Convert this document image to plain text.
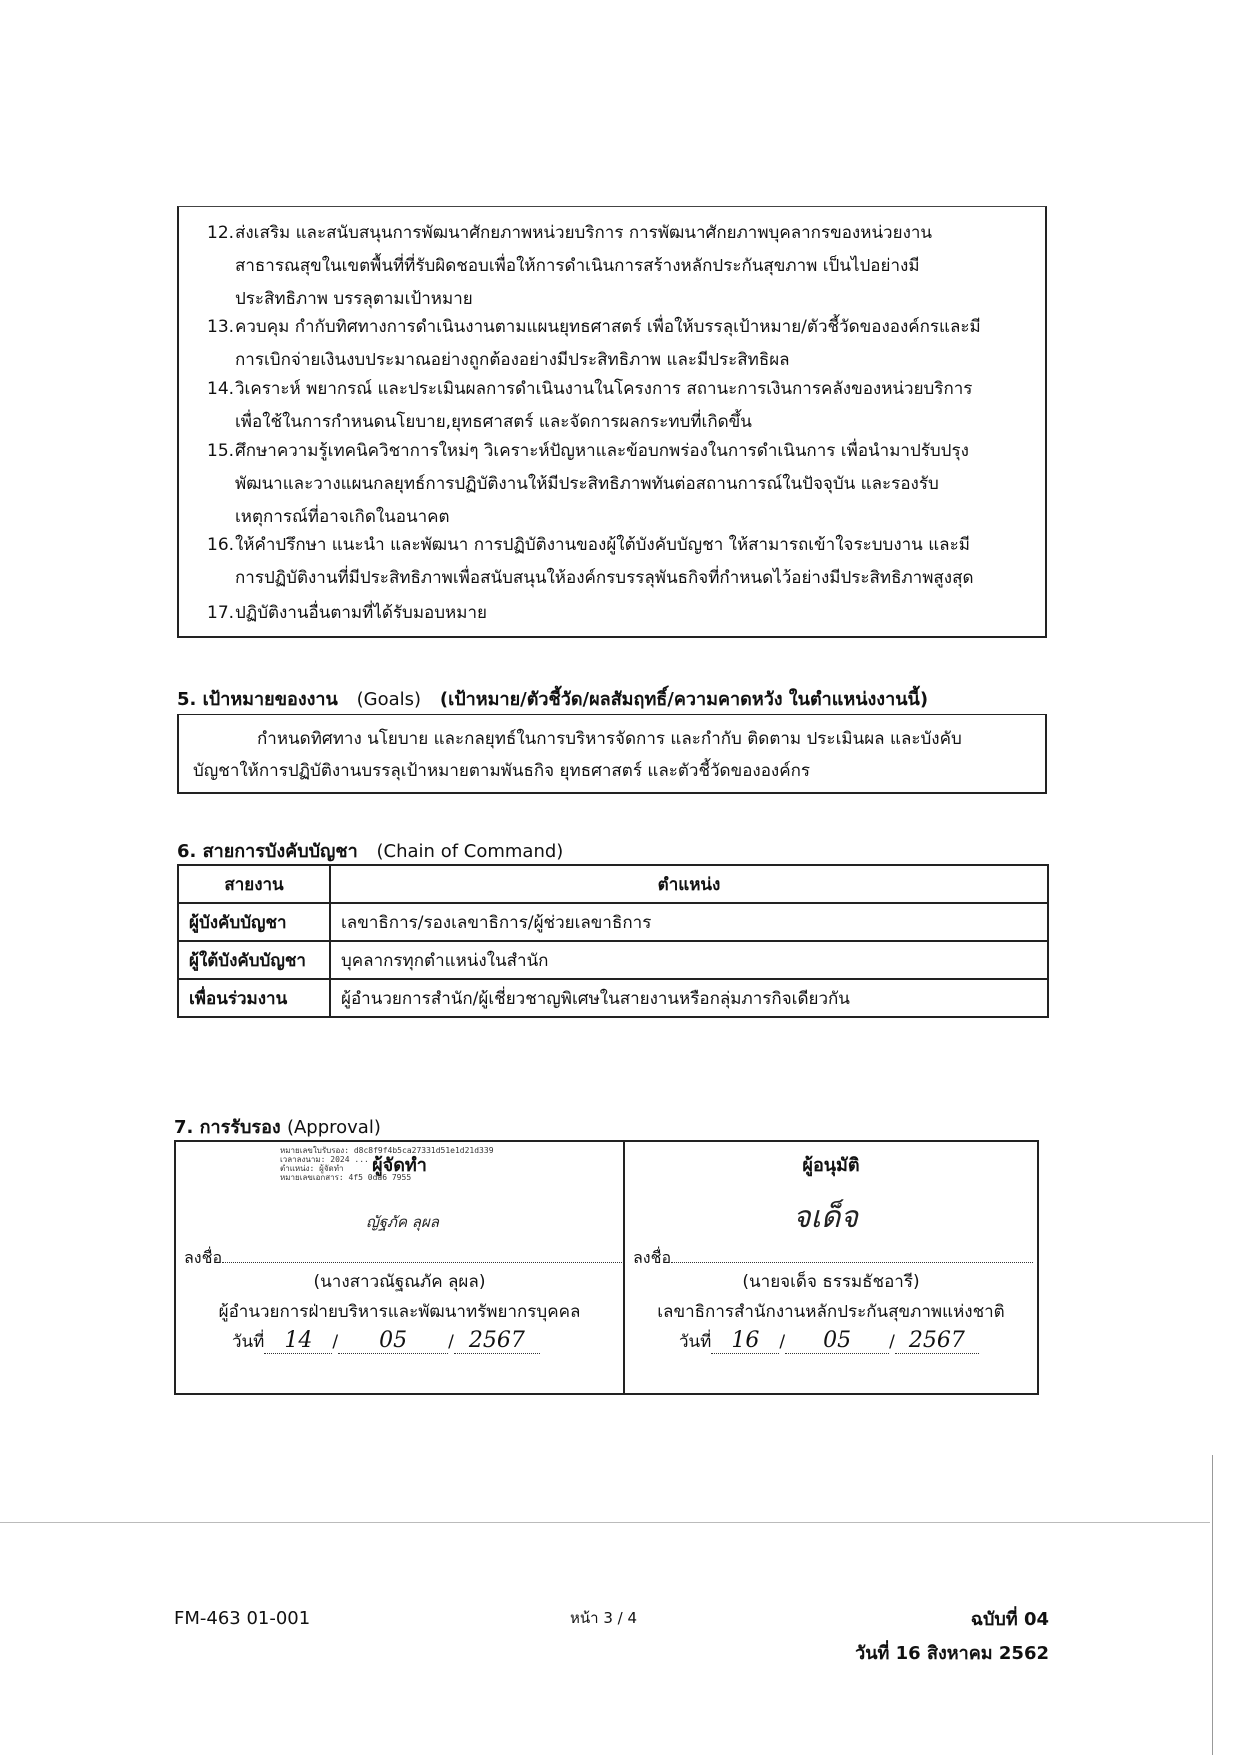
12.ส่งเสริม และสนับสนุนการพัฒนาศักยภาพหน่วยบริการ การพัฒนาศักยภาพบุคลากรของหน่วยงาน
สาธารณสุขในเขตพื้นที่ที่รับผิดชอบเพื่อให้การดำเนินการสร้างหลักประกันสุขภาพ เป็นไปอย่างมี
ประสิทธิภาพ บรรลุตามเป้าหมาย
13.ควบคุม กำกับทิศทางการดำเนินงานตามแผนยุทธศาสตร์ เพื่อให้บรรลุเป้าหมาย/ตัวชี้วัดขององค์กรและมี
การเบิกจ่ายเงินงบประมาณอย่างถูกต้องอย่างมีประสิทธิภาพ และมีประสิทธิผล
14.วิเคราะห์ พยากรณ์ และประเมินผลการดำเนินงานในโครงการ สถานะการเงินการคลังของหน่วยบริการ
เพื่อใช้ในการกำหนดนโยบาย,ยุทธศาสตร์ และจัดการผลกระทบที่เกิดขึ้น
15.ศึกษาความรู้เทคนิควิชาการใหม่ๆ วิเคราะห์ปัญหาและข้อบกพร่องในการดำเนินการ เพื่อนำมาปรับปรุง
พัฒนาและวางแผนกลยุทธ์การปฏิบัติงานให้มีประสิทธิภาพทันต่อสถานการณ์ในปัจจุบัน และรองรับ
เหตุการณ์ที่อาจเกิดในอนาคต
16.ให้คำปรึกษา แนะนำ และพัฒนา การปฏิบัติงานของผู้ใต้บังคับบัญชา ให้สามารถเข้าใจระบบงาน และมี
การปฏิบัติงานที่มีประสิทธิภาพเพื่อสนับสนุนให้องค์กรบรรลุพันธกิจที่กำหนดไว้อย่างมีประสิทธิภาพสูงสุด
17.ปฏิบัติงานอื่นตามที่ได้รับมอบหมาย
5. เป้าหมายของงาน (Goals) (เป้าหมาย/ตัวชี้วัด/ผลสัมฤทธิ์/ความคาดหวัง ในตำแหน่งงานนี้)
กำหนดทิศทาง นโยบาย และกลยุทธ์ในการบริหารจัดการ และกำกับ ติดตาม ประเมินผล และบังคับ
บัญชาให้การปฏิบัติงานบรรลุเป้าหมายตามพันธกิจ ยุทธศาสตร์ และตัวชี้วัดขององค์กร
6. สายการบังคับบัญชา (Chain of Command)
สายงาน	ตำแหน่ง
ผู้บังคับบัญชา	เลขาธิการ/รองเลขาธิการ/ผู้ช่วยเลขาธิการ
ผู้ใต้บังคับบัญชา	บุคลากรทุกตำแหน่งในสำนัก
เพื่อนร่วมงาน	ผู้อำนวยการสำนัก/ผู้เชี่ยวชาญพิเศษในสายงานหรือกลุ่มภารกิจเดียวกัน
7. การรับรอง (Approval)
หมายเลขใบรับรอง: d8c8f9f4b5ca27331d51e1d21d339
เวลาลงนาม: 2024 ...
ตำแหน่ง: ผู้จัดทำ
หมายเลขเอกสาร: 4f5 0da6 7955
ผู้จัดทำ
ญัฐภัค ลุผล
ลงชื่อ
(นางสาวณัฐณภัค ลุผล)
ผู้อำนวยการฝ่ายบริหารและพัฒนาทรัพยากรบุคคล
วันที่ 14 / 05 / 2567
ผู้อนุมัติ
จเด็จ
ลงชื่อ
(นายจเด็จ ธรรมธัชอารี)
เลขาธิการสำนักงานหลักประกันสุขภาพแห่งชาติ
วันที่ 16 / 05 / 2567
FM-463 01-001	หน้า 3 / 4	ฉบับที่ 04
วันที่ 16 สิงหาคม 2562
